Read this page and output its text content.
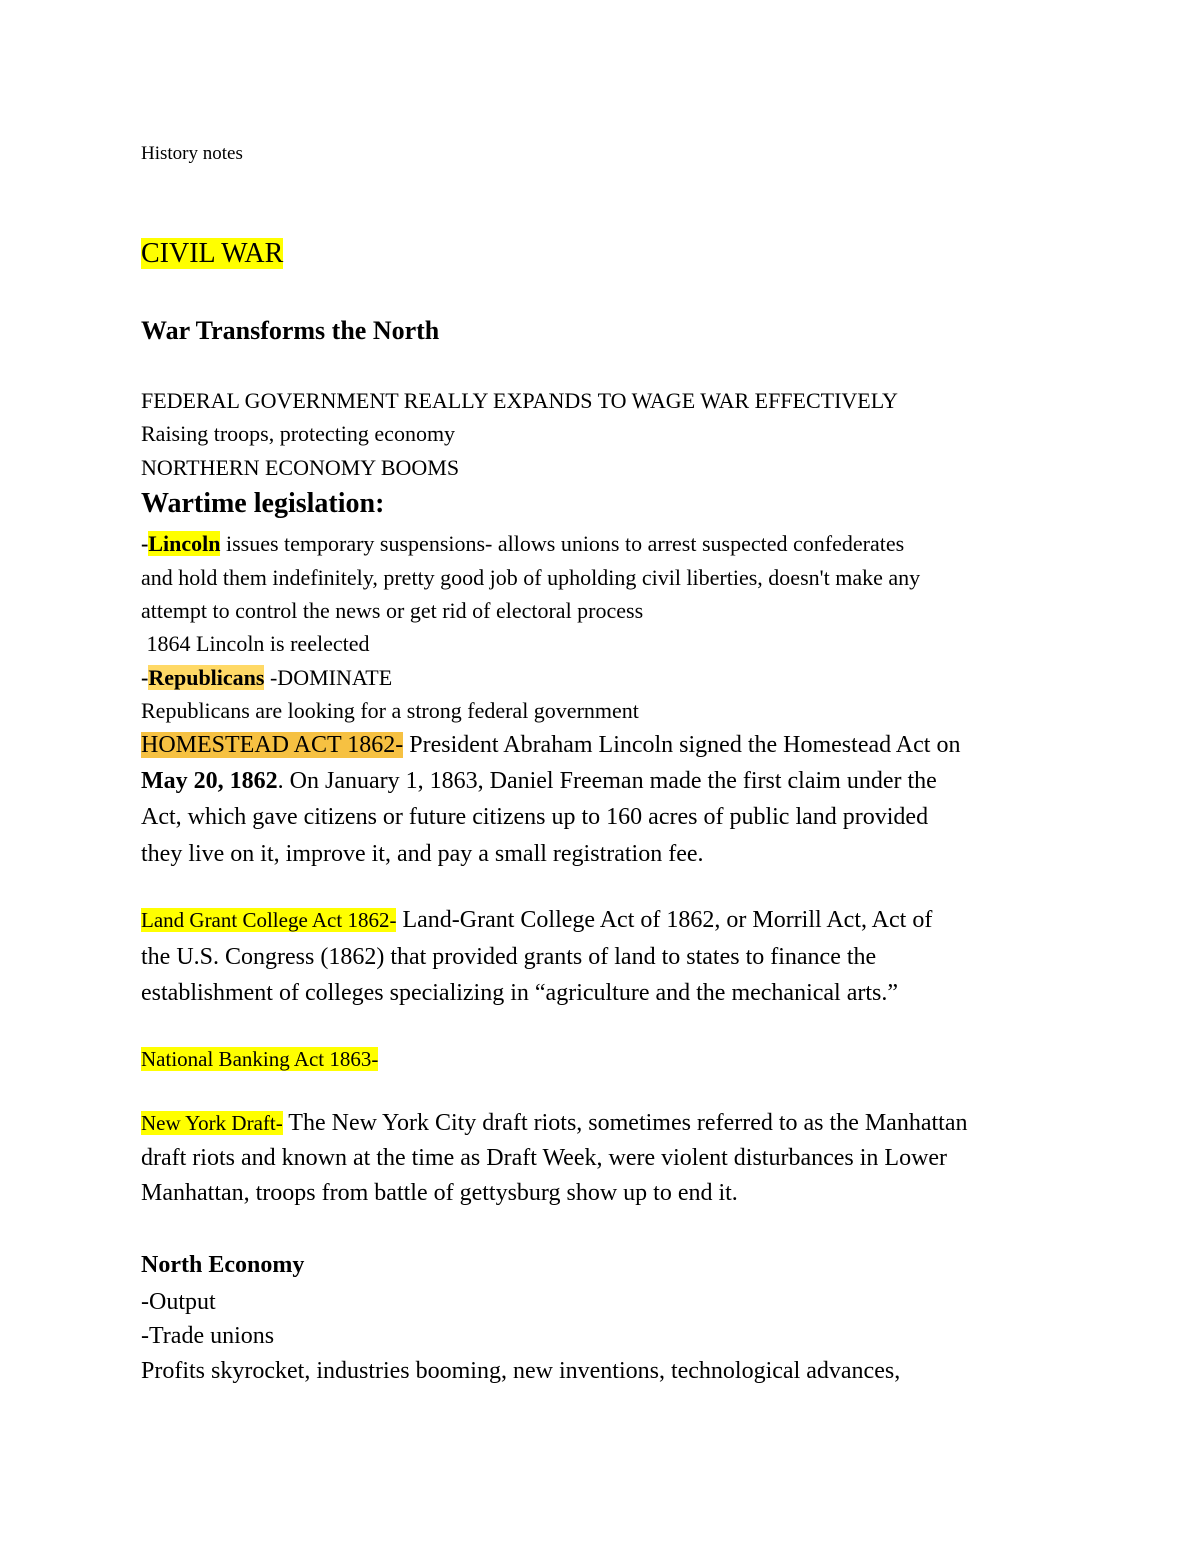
History notes
CIVIL WAR
War Transforms the North
FEDERAL GOVERNMENT REALLY EXPANDS TO WAGE WAR EFFECTIVELY
Raising troops, protecting economy
NORTHERN ECONOMY BOOMS
Wartime legislation:
-Lincoln issues temporary suspensions- allows unions to arrest suspected confederates
and hold them indefinitely, pretty good job of upholding civil liberties, doesn't make any
attempt to control the news or get rid of electoral process
1864 Lincoln is reelected
-Republicans -DOMINATE
Republicans are looking for a strong federal government
HOMESTEAD ACT 1862- President Abraham Lincoln signed the Homestead Act on
May 20, 1862. On January 1, 1863, Daniel Freeman made the first claim under the
Act, which gave citizens or future citizens up to 160 acres of public land provided
they live on it, improve it, and pay a small registration fee.
Land Grant College Act 1862- Land-Grant College Act of 1862, or Morrill Act, Act of
the U.S. Congress (1862) that provided grants of land to states to finance the
establishment of colleges specializing in “agriculture and the mechanical arts.”
National Banking Act 1863-
New York Draft- The New York City draft riots, sometimes referred to as the Manhattan
draft riots and known at the time as Draft Week, were violent disturbances in Lower
Manhattan, troops from battle of gettysburg show up to end it.
North Economy
-Output
-Trade unions
Profits skyrocket, industries booming, new inventions, technological advances,
